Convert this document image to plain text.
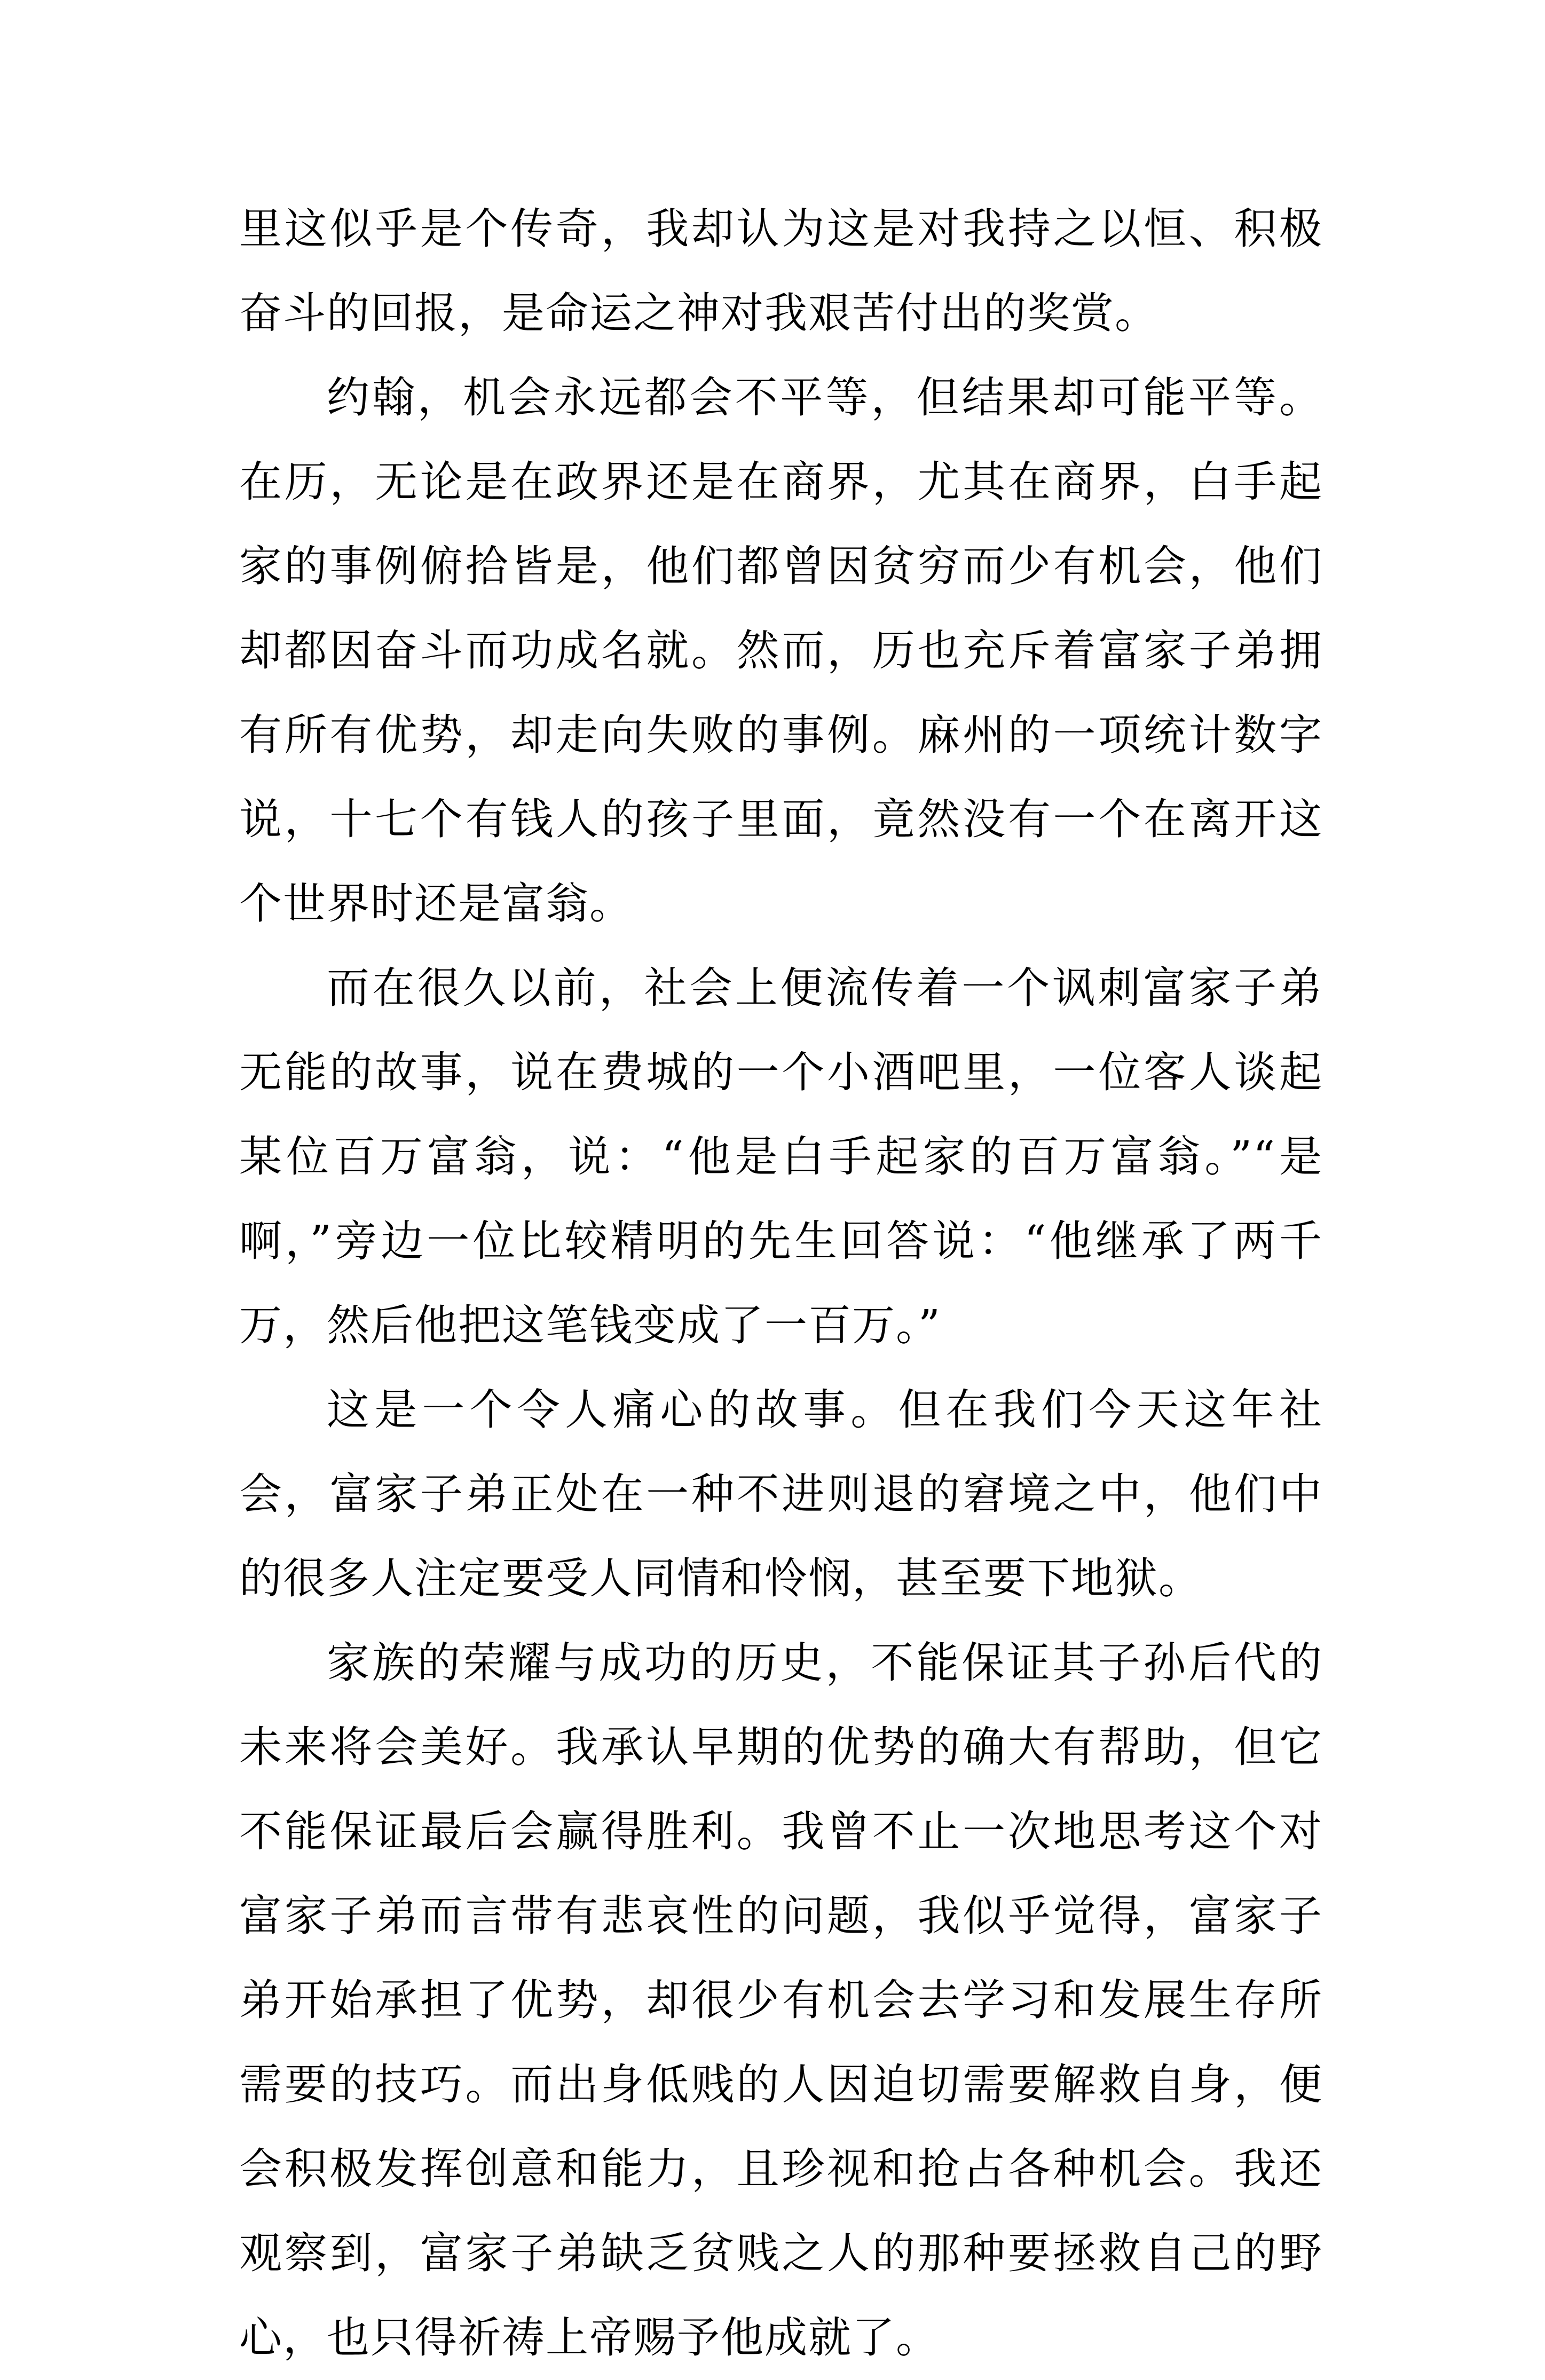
里这似乎是个传奇，我却认为这是对我持之以恒、积极奋斗的回报，是命运之神对我艰苦付出的奖赏。

约翰，机会永远都会不平等，但结果却可能平等。在历，无论是在政界还是在商界，尤其在商界，白手起家的事例俯拾皆是，他们都曾因贫穷而少有机会，他们却都因奋斗而功成名就。然而，历也充斥着富家子弟拥有所有优势，却走向失败的事例。麻州的一项统计数字说，十七个有钱人的孩子里面，竟然没有一个在离开这个世界时还是富翁。

而在很久以前，社会上便流传着一个讽刺富家子弟无能的故事，说在费城的一个小酒吧里，一位客人谈起某位百万富翁，说：“他是白手起家的百万富翁。”“是啊，”旁边一位比较精明的先生回答说：“他继承了两千万，然后他把这笔钱变成了一百万。”

这是一个令人痛心的故事。但在我们今天这年社会，富家子弟正处在一种不进则退的窘境之中，他们中的很多人注定要受人同情和怜悯，甚至要下地狱。

家族的荣耀与成功的历史，不能保证其子孙后代的未来将会美好。我承认早期的优势的确大有帮助，但它不能保证最后会赢得胜利。我曾不止一次地思考这个对富家子弟而言带有悲哀性的问题，我似乎觉得，富家子弟开始承担了优势，却很少有机会去学习和发展生存所需要的技巧。而出身低贱的人因迫切需要解救自身，便会积极发挥创意和能力，且珍视和抢占各种机会。我还观察到，富家子弟缺乏贫贱之人的那种要拯救自己的野心，也只得祈祷上帝赐予他成就了。
